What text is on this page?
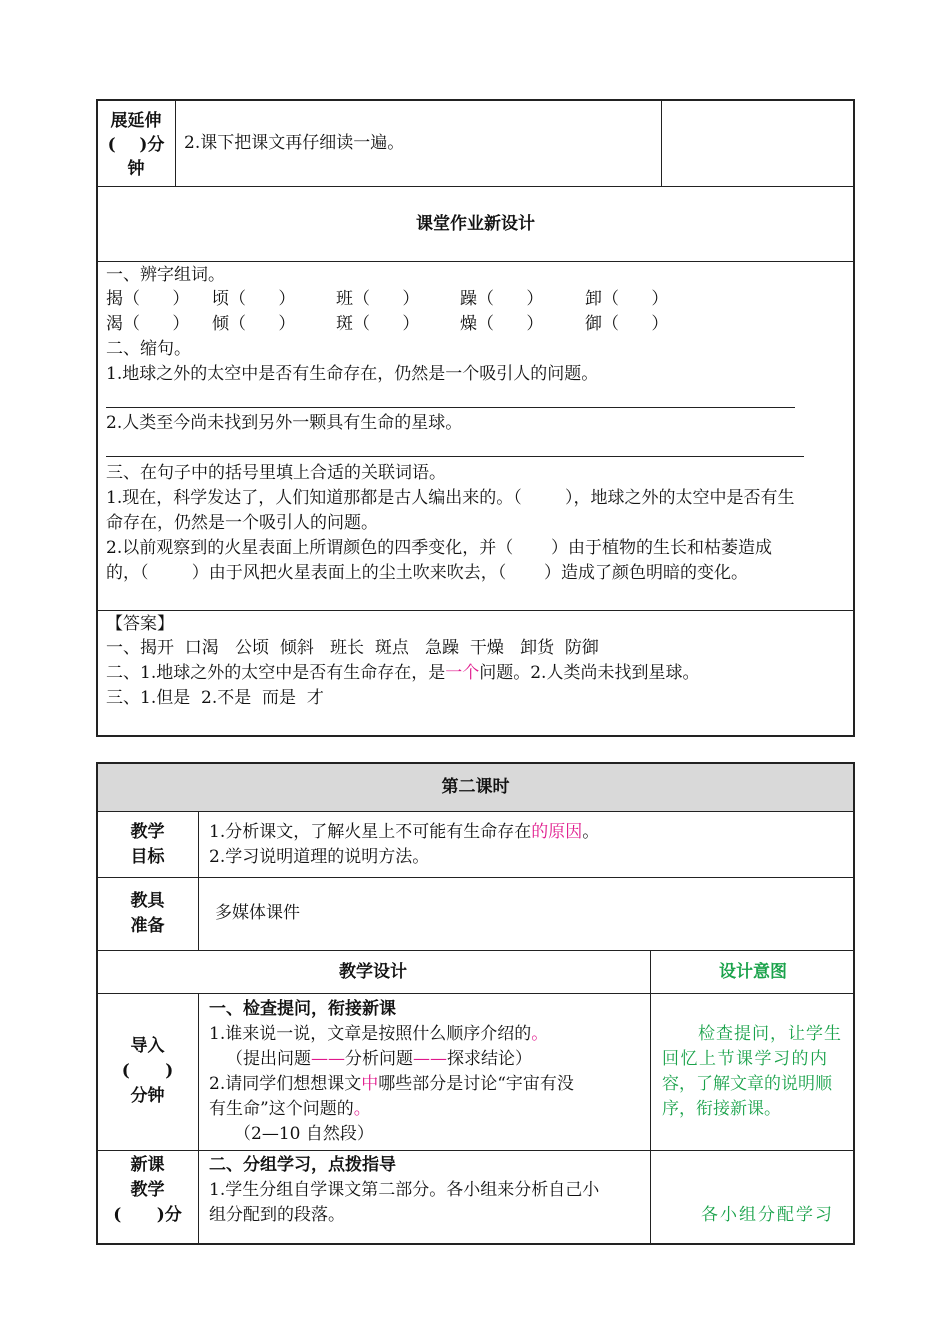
展延伸
(    )分
钟
2.课下把课文再仔细读一遍。
课堂作业新设计
一、辨字组词。
揭（      ） 顷（      ） 班（      ） 躁（      ） 卸（      ）
渴（      ） 倾（      ） 斑（      ） 燥（      ） 御（      ）
二、缩句。
1.地球之外的太空中是否有生命存在，仍然是一个吸引人的问题。
2.人类至今尚未找到另外一颗具有生命的星球。
三、在句子中的括号里填上合适的关联词语。
1.现在，科学发达了，人们知道那都是古人编出来的。（        ），地球之外的太空中是否有生
命存在，仍然是一个吸引人的问题。
2.以前观察到的火星表面上所谓颜色的四季变化，并（       ）由于植物的生长和枯萎造成
的，（        ）由于风把火星表面上的尘土吹来吹去，（       ）造成了颜色明暗的变化。
【答案】
一、揭开  口渴   公顷  倾斜   班长  斑点   急躁  干燥   卸货  防御
二、1.地球之外的太空中是否有生命存在，是一个问题。2.人类尚未找到星球。
三、1.但是  2.不是  而是  才
第二课时
教学
目标
1.分析课文，了解火星上不可能有生命存在的原因。
2.学习说明道理的说明方法。
教具
准备
多媒体课件
教学设计	设计意图
导入
(      )
分钟
一、检查提问，衔接新课
1.谁来说一说，文章是按照什么顺序介绍的。
（提出问题——分析问题——探求结论）
2.请同学们想想课文中哪些部分是讨论“宇宙有没
有生命”这个问题的。
（2—10 自然段）
检查提问，让学生
回忆上节课学习的内
容，了解文章的说明顺
序，衔接新课。
新课
教学
(      )分
二、分组学习，点拨指导
1.学生分组自学课文第二部分。各小组来分析自己小
组分配到的段落。	各小组分配学习
